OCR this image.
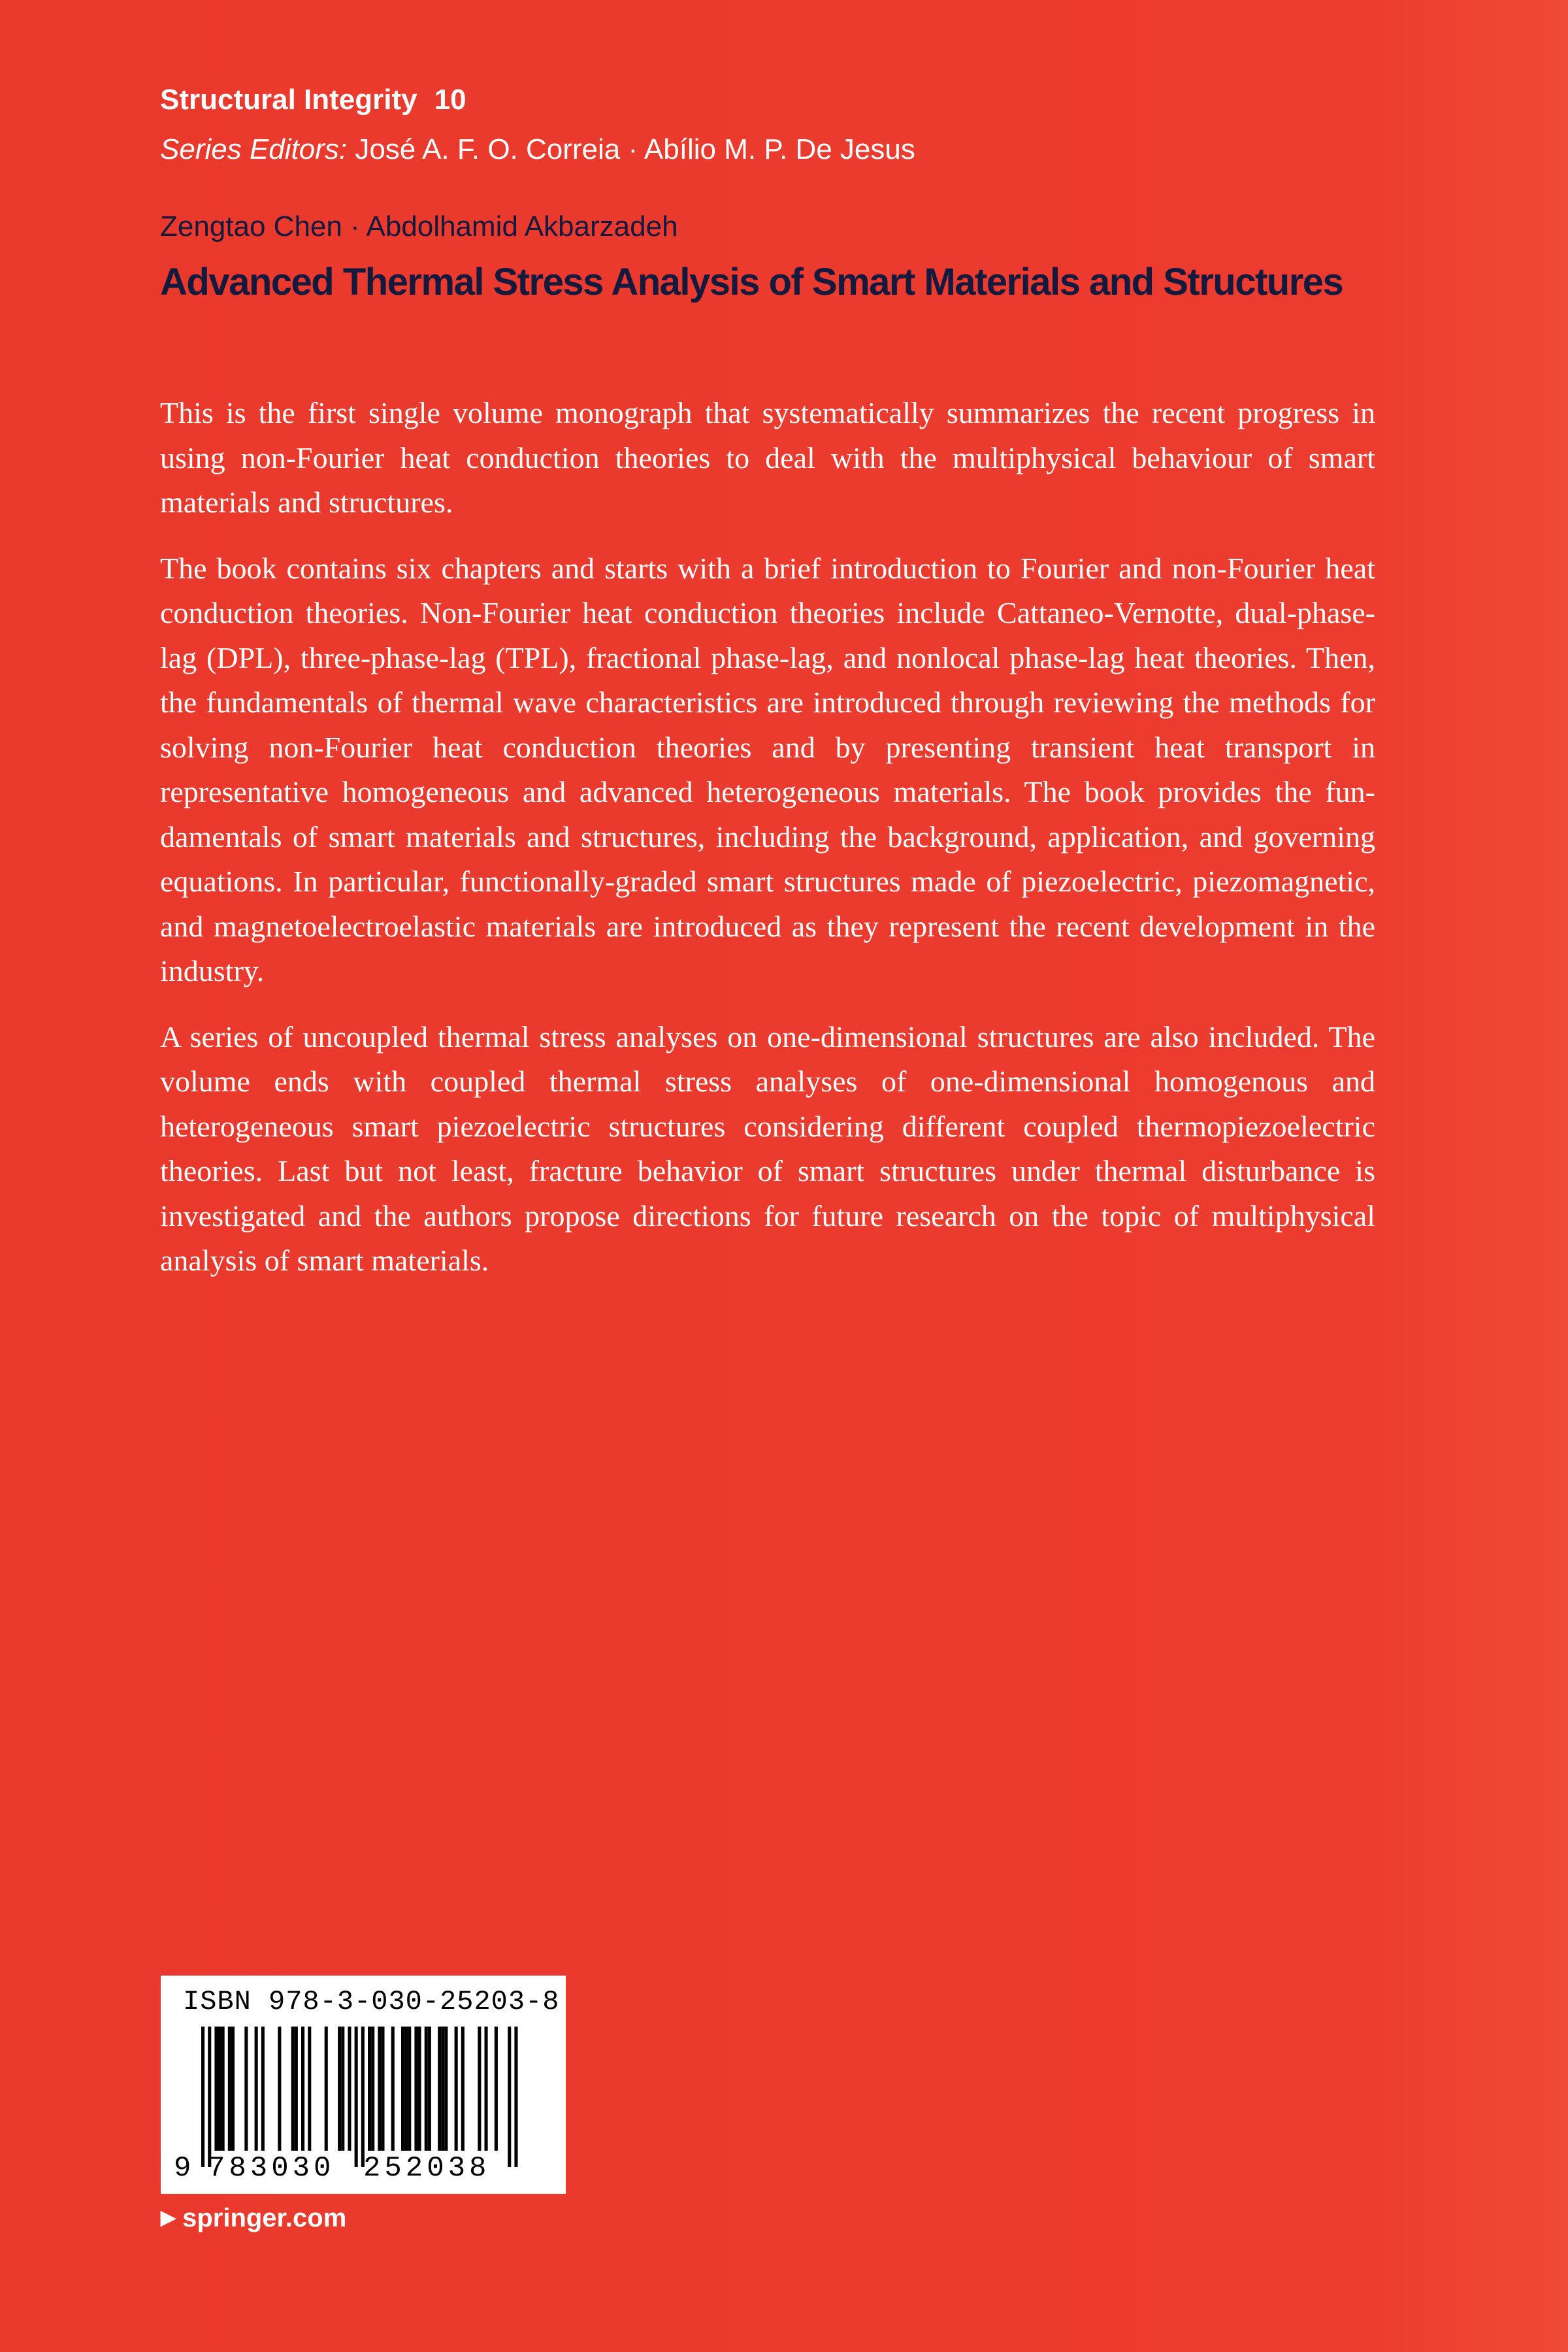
Structural Integrity 10
Series Editors: José A. F. O. Correia · Abílio M. P. De Jesus
Zengtao Chen · Abdolhamid Akbarzadeh
Advanced Thermal Stress Analysis of Smart Materials and Structures

This is the first single volume monograph that systematically summarizes the recent progress in using non-Fourier heat conduction theories to deal with the multiphysical behaviour of smart materials and structures.

The book contains six chapters and starts with a brief introduction to Fourier and non-Fourier heat conduction theories. Non-Fourier heat conduction theories include Cattaneo-Vernotte, dual-phase-lag (DPL), three-phase-lag (TPL), fractional phase-lag, and nonlocal phase-lag heat theories. Then, the fundamentals of thermal wave characteristics are introduced through reviewing the methods for solving non-Fourier heat conduction theories and by presenting transient heat transport in representative homogeneous and advanced heterogeneous materials. The book provides the fundamentals of smart materials and structures, including the background, application, and governing equations. In particular, functionally-graded smart structures made of piezoelectric, piezomagnetic, and magnetoelectroelastic materials are introduced as they represent the recent development in the industry.

A series of uncoupled thermal stress analyses on one-dimensional structures are also included. The volume ends with coupled thermal stress analyses of one-dimensional homogenous and heterogeneous smart piezoelectric structures considering different coupled thermopiezoelectric theories. Last but not least, fracture behavior of smart structures under thermal disturbance is investigated and the authors propose directions for future research on the topic of multiphysical analysis of smart materials.

ISBN 978-3-030-25203-8
9 783030 252038
▶ springer.com
